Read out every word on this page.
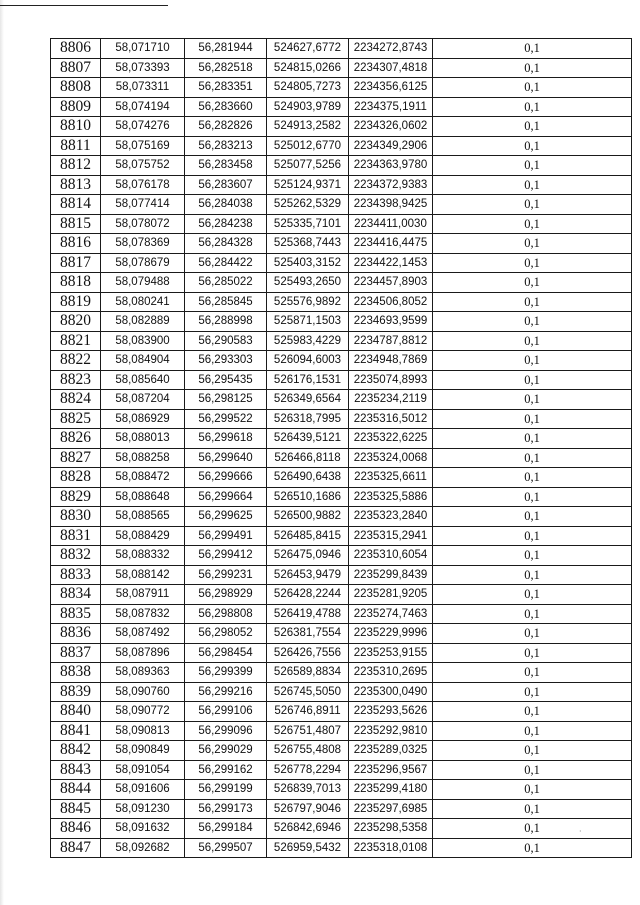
8806	58,071710	56,281944	524627,6772	2234272,8743	0,1
8807	58,073393	56,282518	524815,0266	2234307,4818	0,1
8808	58,073311	56,283351	524805,7273	2234356,6125	0,1
8809	58,074194	56,283660	524903,9789	2234375,1911	0,1
8810	58,074276	56,282826	524913,2582	2234326,0602	0,1
8811	58,075169	56,283213	525012,6770	2234349,2906	0,1
8812	58,075752	56,283458	525077,5256	2234363,9780	0,1
8813	58,076178	56,283607	525124,9371	2234372,9383	0,1
8814	58,077414	56,284038	525262,5329	2234398,9425	0,1
8815	58,078072	56,284238	525335,7101	2234411,0030	0,1
8816	58,078369	56,284328	525368,7443	2234416,4475	0,1
8817	58,078679	56,284422	525403,3152	2234422,1453	0,1
8818	58,079488	56,285022	525493,2650	2234457,8903	0,1
8819	58,080241	56,285845	525576,9892	2234506,8052	0,1
8820	58,082889	56,288998	525871,1503	2234693,9599	0,1
8821	58,083900	56,290583	525983,4229	2234787,8812	0,1
8822	58,084904	56,293303	526094,6003	2234948,7869	0,1
8823	58,085640	56,295435	526176,1531	2235074,8993	0,1
8824	58,087204	56,298125	526349,6564	2235234,2119	0,1
8825	58,086929	56,299522	526318,7995	2235316,5012	0,1
8826	58,088013	56,299618	526439,5121	2235322,6225	0,1
8827	58,088258	56,299640	526466,8118	2235324,0068	0,1
8828	58,088472	56,299666	526490,6438	2235325,6611	0,1
8829	58,088648	56,299664	526510,1686	2235325,5886	0,1
8830	58,088565	56,299625	526500,9882	2235323,2840	0,1
8831	58,088429	56,299491	526485,8415	2235315,2941	0,1
8832	58,088332	56,299412	526475,0946	2235310,6054	0,1
8833	58,088142	56,299231	526453,9479	2235299,8439	0,1
8834	58,087911	56,298929	526428,2244	2235281,9205	0,1
8835	58,087832	56,298808	526419,4788	2235274,7463	0,1
8836	58,087492	56,298052	526381,7554	2235229,9996	0,1
8837	58,087896	56,298454	526426,7556	2235253,9155	0,1
8838	58,089363	56,299399	526589,8834	2235310,2695	0,1
8839	58,090760	56,299216	526745,5050	2235300,0490	0,1
8840	58,090772	56,299106	526746,8911	2235293,5626	0,1
8841	58,090813	56,299096	526751,4807	2235292,9810	0,1
8842	58,090849	56,299029	526755,4808	2235289,0325	0,1
8843	58,091054	56,299162	526778,2294	2235296,9567	0,1
8844	58,091606	56,299199	526839,7013	2235299,4180	0,1
8845	58,091230	56,299173	526797,9046	2235297,6985	0,1
8846	58,091632	56,299184	526842,6946	2235298,5358	0,1
8847	58,092682	56,299507	526959,5432	2235318,0108	0,1
·
